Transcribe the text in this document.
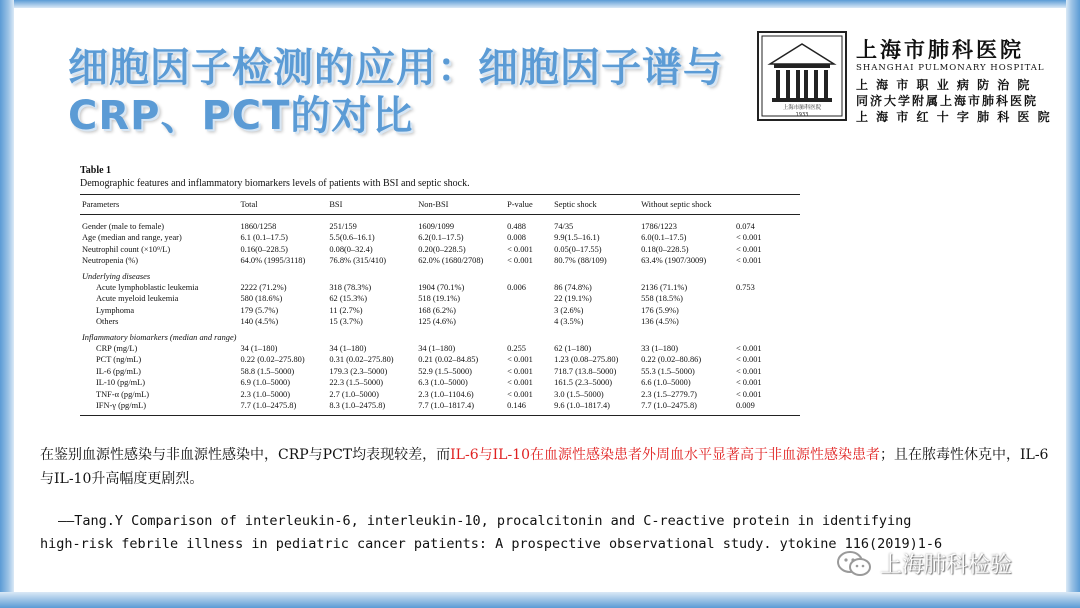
细胞因子检测的应用：细胞因子谱与CRP、PCT的对比	上海市肺科医院
1933
上海市肺科医院
SHANGHAI PULMONARY HOSPITAL
上 海 市 职 业 病 防 治 院
同济大学附属上海市肺科医院
上 海 市 红 十 字 肺 科 医 院
Table 1
Demographic features and inflammatory biomarkers levels of patients with BSI and septic shock.
Parameters	Total	BSI	Non-BSI	P-value	Septic shock	Without septic shock	
Gender (male to female)	1860/1258	251/159	1609/1099	0.488	74/35	1786/1223	0.074
Age (median and range, year)	6.1 (0.1–17.5)	5.5(0.6–16.1)	6.2(0.1–17.5)	0.008	9.9(1.5–16.1)	6.0(0.1–17.5)	< 0.001
Neutrophil count (×10⁹/L)	0.16(0–228.5)	0.08(0–32.4)	0.20(0–228.5)	< 0.001	0.05(0–17.55)	0.18(0–228.5)	< 0.001
Neutropenia (%)	64.0% (1995/3118)	76.8% (315/410)	62.0% (1680/2708)	< 0.001	80.7% (88/109)	63.4% (1907/3009)	< 0.001
Underlying diseases							
Acute lymphoblastic leukemia	2222 (71.2%)	318 (78.3%)	1904 (70.1%)	0.006	86 (74.8%)	2136 (71.1%)	0.753
Acute myeloid leukemia	580 (18.6%)	62 (15.3%)	518 (19.1%)		22 (19.1%)	558 (18.5%)	
Lymphoma	179 (5.7%)	11 (2.7%)	168 (6.2%)		3 (2.6%)	176 (5.9%)	
Others	140 (4.5%)	15 (3.7%)	125 (4.6%)		4 (3.5%)	136 (4.5%)	
Inflammatory biomarkers (median and range)							
CRP (mg/L)	34 (1–180)	34 (1–180)	34 (1–180)	0.255	62 (1–180)	33 (1–180)	< 0.001
PCT (ng/mL)	0.22 (0.02–275.80)	0.31 (0.02–275.80)	0.21 (0.02–84.85)	< 0.001	1.23 (0.08–275.80)	0.22 (0.02–80.86)	< 0.001
IL-6 (pg/mL)	58.8 (1.5–5000)	179.3 (2.3–5000)	52.9 (1.5–5000)	< 0.001	718.7 (13.8–5000)	55.3 (1.5–5000)	< 0.001
IL-10 (pg/mL)	6.9 (1.0–5000)	22.3 (1.5–5000)	6.3 (1.0–5000)	< 0.001	161.5 (2.3–5000)	6.6 (1.0–5000)	< 0.001
TNF-α (pg/mL)	2.3 (1.0–5000)	2.7 (1.0–5000)	2.3 (1.0–1104.6)	< 0.001	3.0 (1.5–5000)	2.3 (1.5–2779.7)	< 0.001
IFN-γ (pg/mL)	7.7 (1.0–2475.8)	8.3 (1.0–2475.8)	7.7 (1.0–1817.4)	0.146	9.6 (1.0–1817.4)	7.7 (1.0–2475.8)	0.009

在鉴别血源性感染与非血源性感染中，CRP与PCT均表现较差，而IL-6与IL-10在血源性感染患者外周血水平显著高于非血源性感染患者；且在脓毒性休克中，IL-6与IL-10升高幅度更剧烈。

——Tang.Y Comparison of interleukin-6, interleukin-10, procalcitonin and C-reactive protein in identifying
high-risk febrile illness in pediatric cancer patients: A prospective observational study. ytokine 116(2019)1-6
上海肺科检验
